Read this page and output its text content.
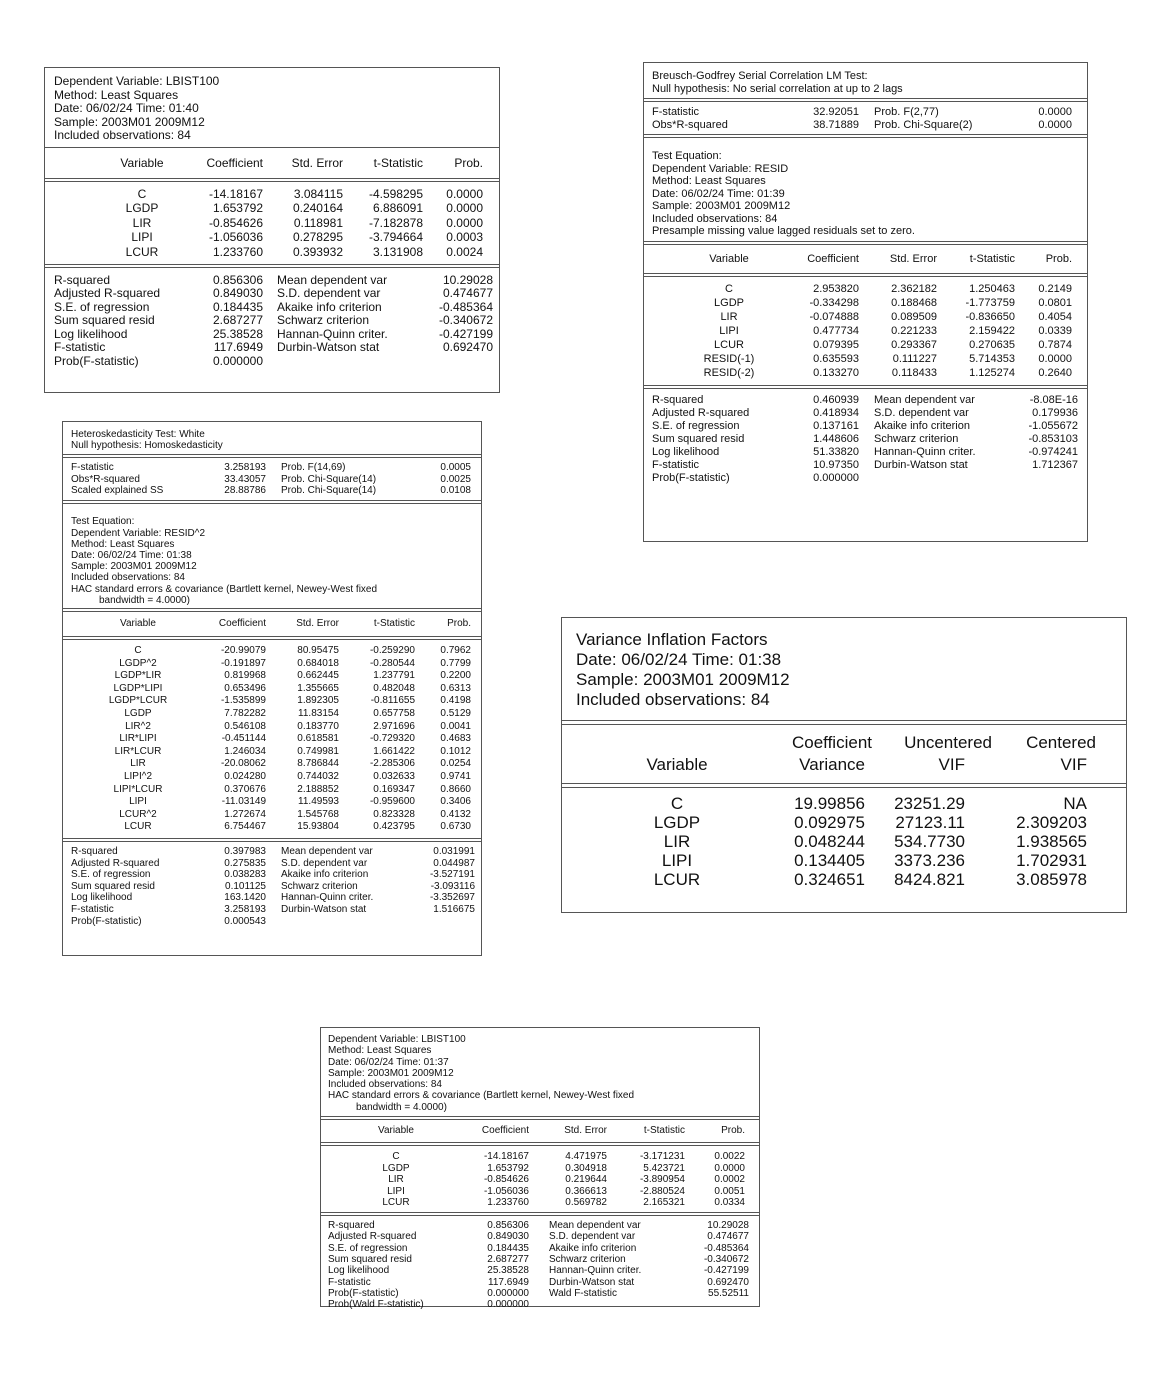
Dependent Variable: LBIST100
Method: Least Squares
Date: 06/02/24 Time: 01:40
Sample: 2003M01 2009M12
Included observations: 84
Variable	Coefficient	Std. Error	t-Statistic	Prob.
C	-14.18167	3.084115	-4.598295	0.0000
LGDP	1.653792	0.240164	6.886091	0.0000
LIR	-0.854626	0.118981	-7.182878	0.0000
LIPI	-1.056036	0.278295	-3.794664	0.0003
LCUR	1.233760	0.393932	3.131908	0.0024
R-squared	0.856306 Mean dependent var	10.29028
Adjusted R-squared	0.849030 S.D. dependent var	0.474677
S.E. of regression	0.184435 Akaike info criterion	-0.485364
Sum squared resid	2.687277 Schwarz criterion	-0.340672
Log likelihood	25.38528 Hannan-Quinn criter.	-0.427199
F-statistic	117.6949 Durbin-Watson stat	0.692470
Prob(F-statistic)	0.000000
Breusch-Godfrey Serial Correlation LM Test:
Null hypothesis: No serial correlation at up to 2 lags
F-statistic	32.92051 Prob. F(2,77)	0.0000
Obs*R-squared	38.71889 Prob. Chi-Square(2)	0.0000
Test Equation:
Dependent Variable: RESID
Method: Least Squares
Date: 06/02/24 Time: 01:39
Sample: 2003M01 2009M12
Included observations: 84
Presample missing value lagged residuals set to zero.
Variable	Coefficient	Std. Error	t-Statistic	Prob.
C	2.953820	2.362182	1.250463	0.2149
LGDP	-0.334298	0.188468	-1.773759	0.0801
LIR	-0.074888	0.089509	-0.836650	0.4054
LIPI	0.477734	0.221233	2.159422	0.0339
LCUR	0.079395	0.293367	0.270635	0.7874
RESID(-1)	0.635593	0.111227	5.714353	0.0000
RESID(-2)	0.133270	0.118433	1.125274	0.2640
R-squared	0.460939 Mean dependent var	-8.08E-16
Adjusted R-squared	0.418934 S.D. dependent var	0.179936
S.E. of regression	0.137161 Akaike info criterion	-1.055672
Sum squared resid	1.448606 Schwarz criterion	-0.853103
Log likelihood	51.33820 Hannan-Quinn criter.	-0.974241
F-statistic	10.97350 Durbin-Watson stat	1.712367
Prob(F-statistic)	0.000000
Heteroskedasticity Test: White
Null hypothesis: Homoskedasticity
F-statistic	3.258193 Prob. F(14,69)	0.0005
Obs*R-squared	33.43057 Prob. Chi-Square(14)	0.0025
Scaled explained SS	28.88786 Prob. Chi-Square(14)	0.0108
Test Equation:
Dependent Variable: RESID^2
Method: Least Squares
Date: 06/02/24 Time: 01:38
Sample: 2003M01 2009M12
Included observations: 84
HAC standard errors & covariance (Bartlett kernel, Newey-West fixed
bandwidth = 4.0000)
Variable	Coefficient	Std. Error	t-Statistic	Prob.
C	-20.99079	80.95475	-0.259290	0.7962
LGDP^2	-0.191897	0.684018	-0.280544	0.7799
LGDP*LIR	0.819968	0.662445	1.237791	0.2200
LGDP*LIPI	0.653496	1.355665	0.482048	0.6313
LGDP*LCUR	-1.535899	1.892305	-0.811655	0.4198
LGDP	7.782282	11.83154	0.657758	0.5129
LIR^2	0.546108	0.183770	2.971696	0.0041
LIR*LIPI	-0.451144	0.618581	-0.729320	0.4683
LIR*LCUR	1.246034	0.749981	1.661422	0.1012
LIR	-20.08062	8.786844	-2.285306	0.0254
LIPI^2	0.024280	0.744032	0.032633	0.9741
LIPI*LCUR	0.370676	2.188852	0.169347	0.8660
LIPI	-11.03149	11.49593	-0.959600	0.3406
LCUR^2	1.272674	1.545768	0.823328	0.4132
LCUR	6.754467	15.93804	0.423795	0.6730
R-squared	0.397983 Mean dependent var	0.031991
Adjusted R-squared	0.275835 S.D. dependent var	0.044987
S.E. of regression	0.038283 Akaike info criterion	-3.527191
Sum squared resid	0.101125 Schwarz criterion	-3.093116
Log likelihood	163.1420 Hannan-Quinn criter.	-3.352697
F-statistic	3.258193 Durbin-Watson stat	1.516675
Prob(F-statistic)	0.000543
Variance Inflation Factors
Date: 06/02/24 Time: 01:38
Sample: 2003M01 2009M12
Included observations: 84
Coefficient	Uncentered	Centered
Variable	Variance	VIF	VIF
C	19.99856	23251.29	NA
LGDP	0.092975	27123.11	2.309203
LIR	0.048244	534.7730	1.938565
LIPI	0.134405	3373.236	1.702931
LCUR	0.324651	8424.821	3.085978
Dependent Variable: LBIST100
Method: Least Squares
Date: 06/02/24 Time: 01:37
Sample: 2003M01 2009M12
Included observations: 84
HAC standard errors & covariance (Bartlett kernel, Newey-West fixed
bandwidth = 4.0000)
Variable	Coefficient	Std. Error	t-Statistic	Prob.
C	-14.18167	4.471975	-3.171231	0.0022
LGDP	1.653792	0.304918	5.423721	0.0000
LIR	-0.854626	0.219644	-3.890954	0.0002
LIPI	-1.056036	0.366613	-2.880524	0.0051
LCUR	1.233760	0.569782	2.165321	0.0334
R-squared	0.856306 Mean dependent var	10.29028
Adjusted R-squared	0.849030 S.D. dependent var	0.474677
S.E. of regression	0.184435 Akaike info criterion	-0.485364
Sum squared resid	2.687277 Schwarz criterion	-0.340672
Log likelihood	25.38528 Hannan-Quinn criter.	-0.427199
F-statistic	117.6949 Durbin-Watson stat	0.692470
Prob(F-statistic)	0.000000 Wald F-statistic	55.52511
Prob(Wald F-statistic)	0.000000
